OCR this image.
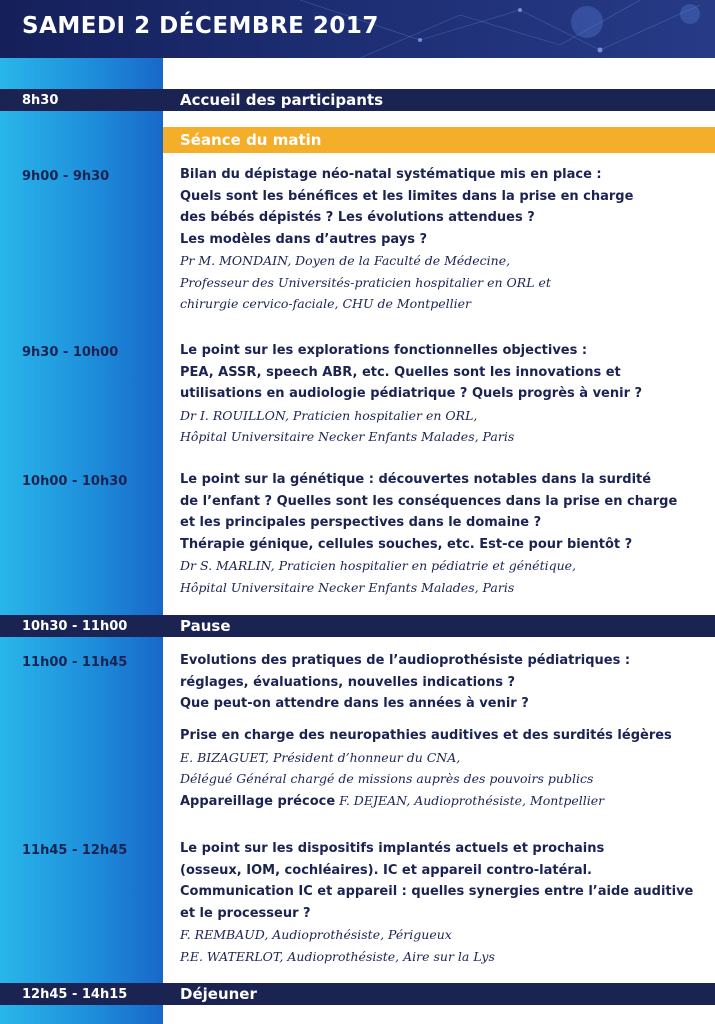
SAMEDI 2 DÉCEMBRE 2017
8h30	Accueil des participants
Séance du matin
9h00 - 9h30	Bilan du dépistage néo-natal systématique mis en place :
Quels sont les bénéfices et les limites dans la prise en charge
des bébés dépistés ? Les évolutions attendues ?
Les modèles dans d’autres pays ?
Pr M. MONDAIN, Doyen de la Faculté de Médecine,
Professeur des Universités-praticien hospitalier en ORL et
chirurgie cervico-faciale, CHU de Montpellier
9h30 - 10h00	Le point sur les explorations fonctionnelles objectives :
PEA, ASSR, speech ABR, etc. Quelles sont les innovations et
utilisations en audiologie pédiatrique ? Quels progrès à venir ?
Dr I. ROUILLON, Praticien hospitalier en ORL,
Hôpital Universitaire Necker Enfants Malades, Paris
10h00 - 10h30	Le point sur la génétique : découvertes notables dans la surdité
de l’enfant ? Quelles sont les conséquences dans la prise en charge
et les principales perspectives dans le domaine ?
Thérapie génique, cellules souches, etc. Est-ce pour bientôt ?
Dr S. MARLIN, Praticien hospitalier en pédiatrie et génétique,
Hôpital Universitaire Necker Enfants Malades, Paris
10h30 - 11h00	Pause
11h00 - 11h45	Evolutions des pratiques de l’audioprothésiste pédiatriques :
réglages, évaluations, nouvelles indications ?
Que peut-on attendre dans les années à venir ?
Prise en charge des neuropathies auditives et des surdités légères
E. BIZAGUET, Président d’honneur du CNA,
Délégué Général chargé de missions auprès des pouvoirs publics
Appareillage précoce F. DEJEAN, Audioprothésiste, Montpellier
11h45 - 12h45	Le point sur les dispositifs implantés actuels et prochains
(osseux, IOM, cochléaires). IC et appareil contro-latéral.
Communication IC et appareil : quelles synergies entre l’aide auditive
et le processeur ?
F. REMBAUD, Audioprothésiste, Périgueux
P.E. WATERLOT, Audioprothésiste, Aire sur la Lys
12h45 - 14h15	Déjeuner
